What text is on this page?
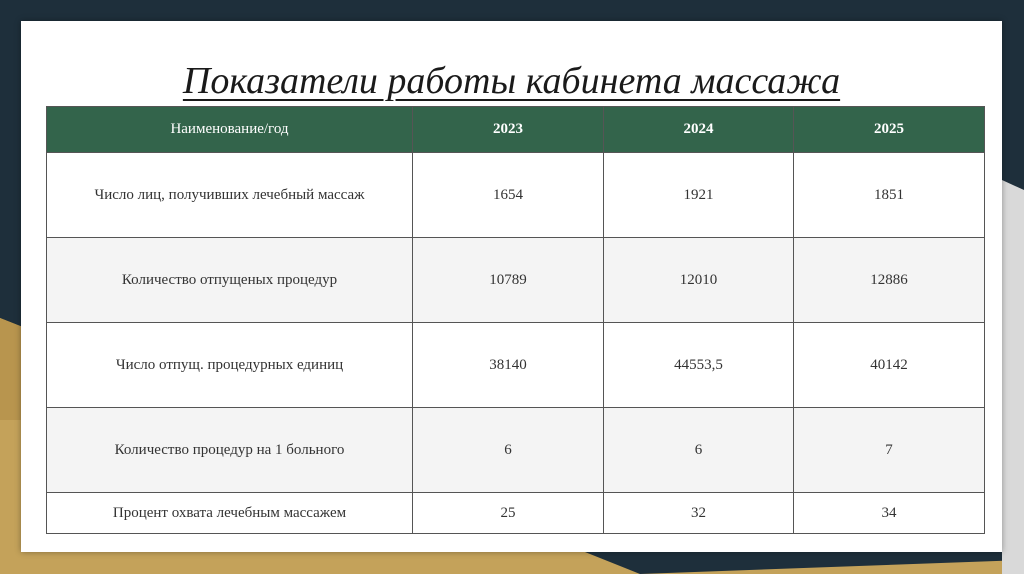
Показатели работы кабинета массажа
Наименование/год	2023	2024	2025
Число лиц, получивших лечебный массаж	1654	1921	1851
Количество отпущеных процедур	10789	12010	12886
Число отпущ. процедурных единиц	38140	44553,5	40142
Количество процедур на 1 больного	6	6	7
Процент охвата лечебным массажем	25	32	34
